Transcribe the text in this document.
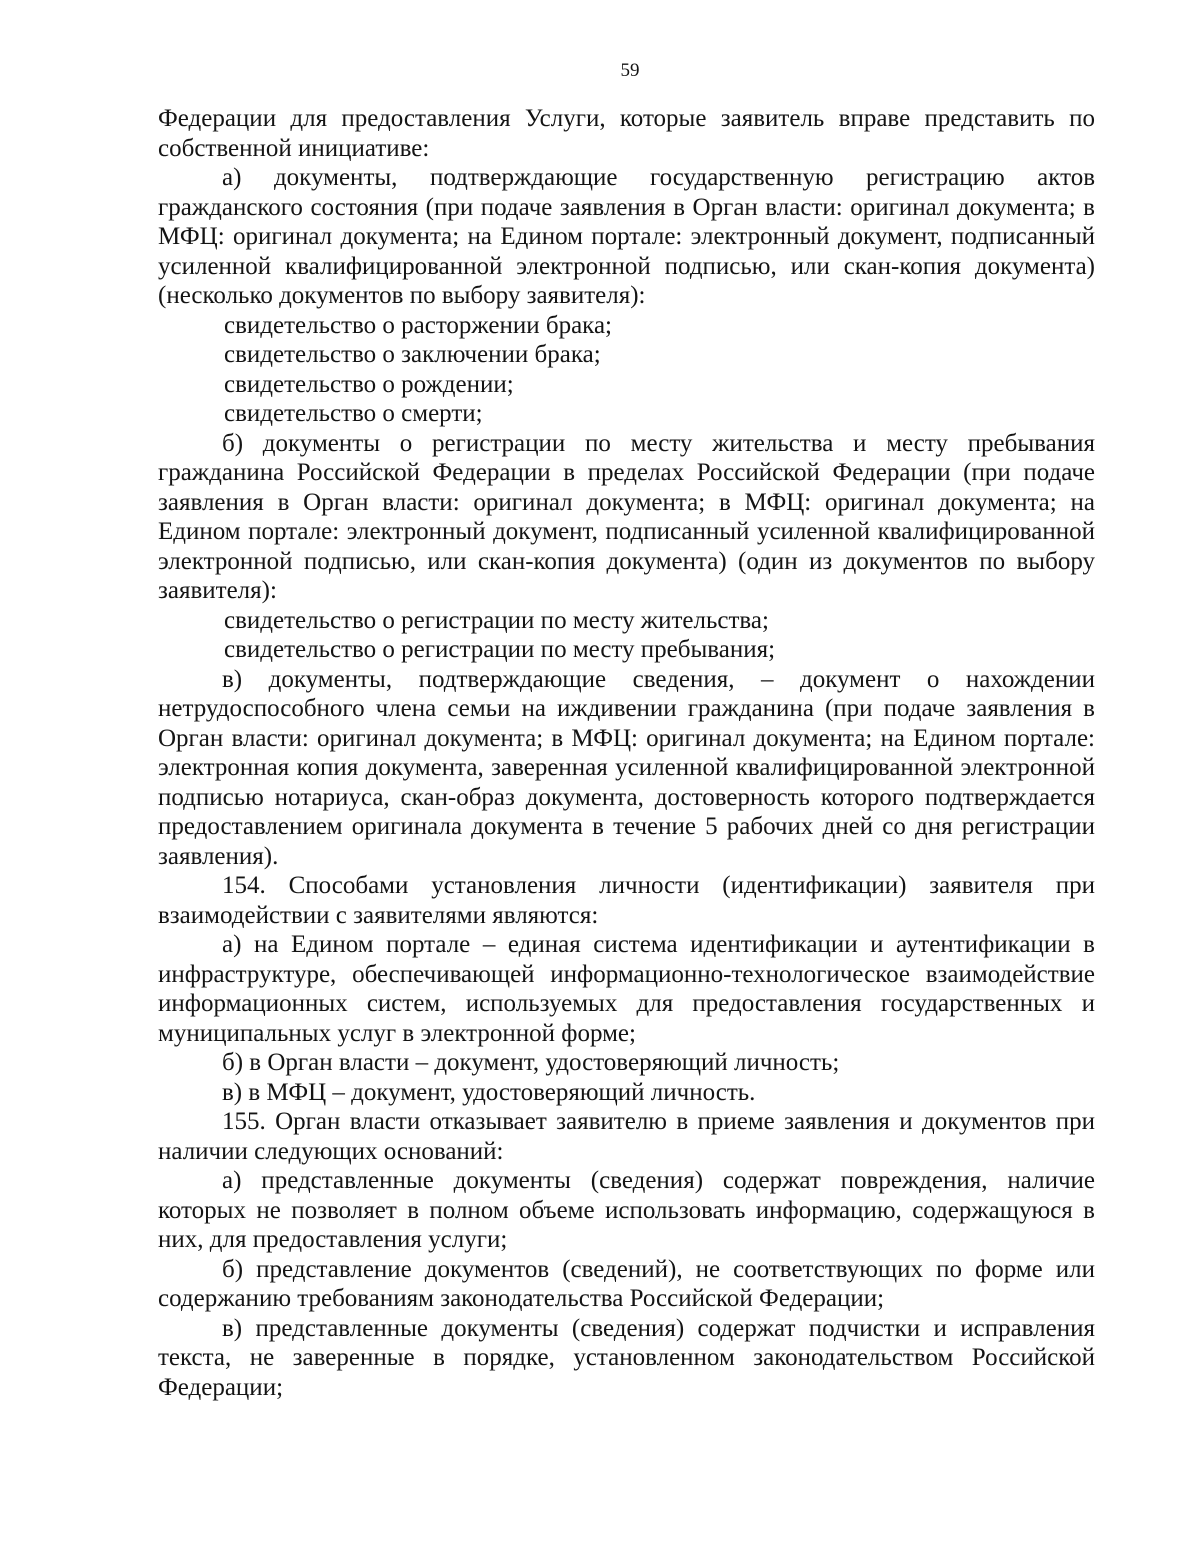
59

Федерации для предоставления Услуги, которые заявитель вправе представить по собственной инициативе:

а) документы, подтверждающие государственную регистрацию актов гражданского состояния (при подаче заявления в Орган власти: оригинал документа; в МФЦ: оригинал документа; на Едином портале: электронный документ, подписанный усиленной квалифицированной электронной подписью, или скан-копия документа) (несколько документов по выбору заявителя):

свидетельство о расторжении брака;

свидетельство о заключении брака;

свидетельство о рождении;

свидетельство о смерти;

б) документы о регистрации по месту жительства и месту пребывания гражданина Российской Федерации в пределах Российской Федерации (при подаче заявления в Орган власти: оригинал документа; в МФЦ: оригинал документа; на Едином портале: электронный документ, подписанный усиленной квалифицированной электронной подписью, или скан-копия документа) (один из документов по выбору заявителя):

свидетельство о регистрации по месту жительства;

свидетельство о регистрации по месту пребывания;

в) документы, подтверждающие сведения, – документ о нахождении нетрудоспособного члена семьи на иждивении гражданина (при подаче заявления в Орган власти: оригинал документа; в МФЦ: оригинал документа; на Едином портале: электронная копия документа, заверенная усиленной квалифицированной электронной подписью нотариуса, скан-образ документа, достоверность которого подтверждается предоставлением оригинала документа в течение 5 рабочих дней со дня регистрации заявления).

154. Способами установления личности (идентификации) заявителя при взаимодействии с заявителями являются:

а) на Едином портале – единая система идентификации и аутентификации в инфраструктуре, обеспечивающей информационно-технологическое взаимодействие информационных систем, используемых для предоставления государственных и муниципальных услуг в электронной форме;

б) в Орган власти – документ, удостоверяющий личность;

в) в МФЦ – документ, удостоверяющий личность.

155. Орган власти отказывает заявителю в приеме заявления и документов при наличии следующих оснований:

а) представленные документы (сведения) содержат повреждения, наличие которых не позволяет в полном объеме использовать информацию, содержащуюся в них, для предоставления услуги;

б) представление документов (сведений), не соответствующих по форме или содержанию требованиям законодательства Российской Федерации;

в) представленные документы (сведения) содержат подчистки и исправления текста, не заверенные в порядке, установленном законодательством Российской Федерации;
